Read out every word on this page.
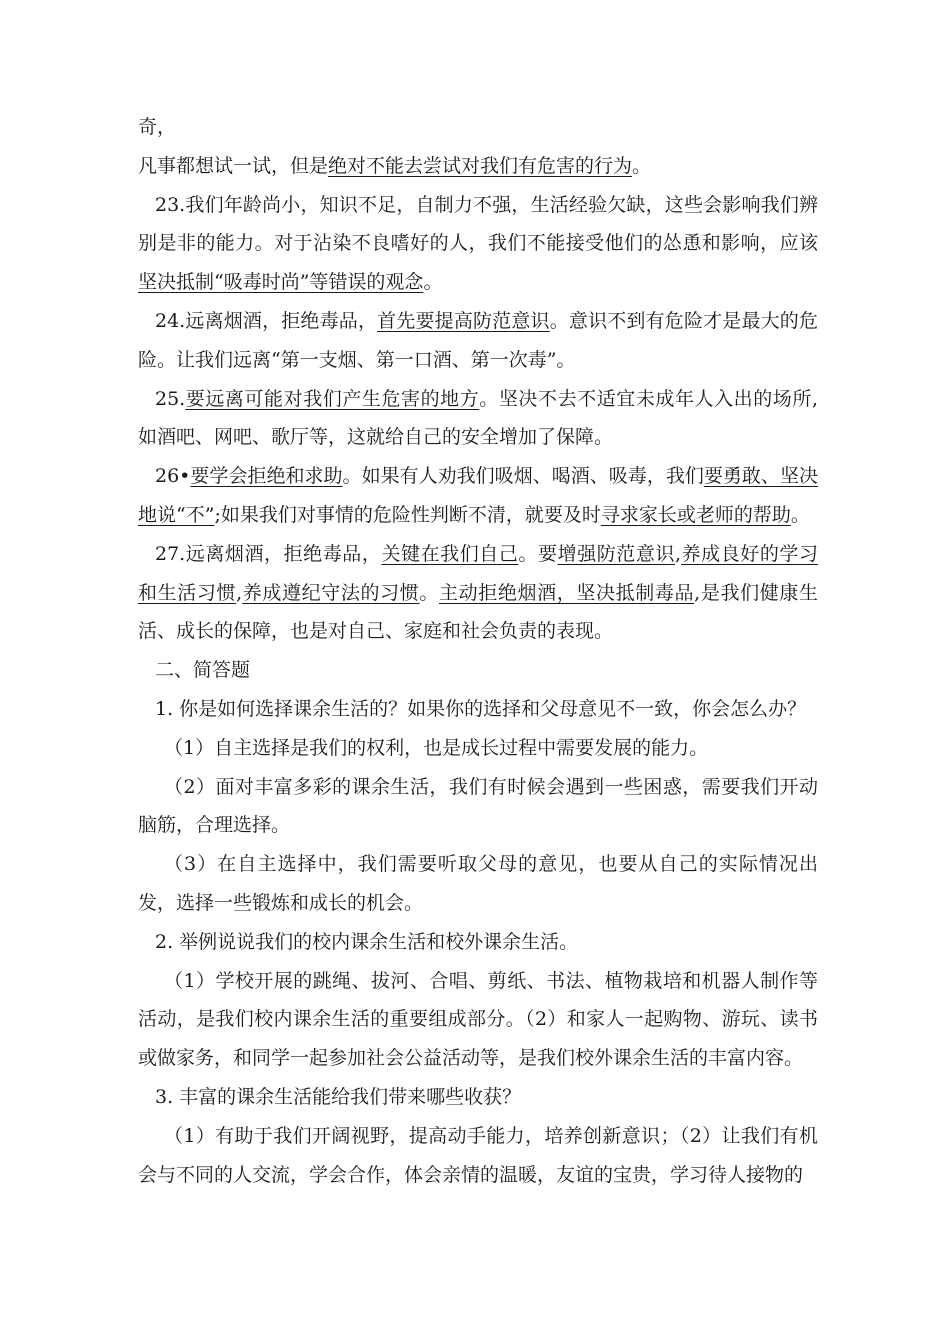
奇，

凡事都想试一试，但是绝对不能去尝试对我们有危害的行为。

23.我们年龄尚小，知识不足，自制力不强，生活经验欠缺，这些会影响我们辨别是非的能力。对于沾染不良嗜好的人，我们不能接受他们的怂恿和影响，应该坚决抵制“吸毒时尚”等错误的观念。

24.远离烟酒，拒绝毒品，首先要提高防范意识。意识不到有危险才是最大的危险。让我们远离“第一支烟、第一口酒、第一次毒”。

25.要远离可能对我们产生危害的地方。坚决不去不适宜未成年人入出的场所,如酒吧、网吧、歌厅等，这就给自己的安全增加了保障。

26•要学会拒绝和求助。如果有人劝我们吸烟、喝酒、吸毒，我们要勇敢、坚决地说“不”;如果我们对事情的危险性判断不清，就要及时寻求家长或老师的帮助。

27.远离烟酒，拒绝毒品，关键在我们自己。要增强防范意识,养成良好的学习和生活习惯,养成遵纪守法的习惯。主动拒绝烟酒，坚决抵制毒品,是我们健康生活、成长的保障，也是对自己、家庭和社会负责的表现。

二、简答题

1. 你是如何选择课余生活的？如果你的选择和父母意见不一致，你会怎么办？

（1）自主选择是我们的权利，也是成长过程中需要发展的能力。

（2）面对丰富多彩的课余生活，我们有时候会遇到一些困惑，需要我们开动脑筋，合理选择。

（3）在自主选择中，我们需要听取父母的意见，也要从自己的实际情况出发，选择一些锻炼和成长的机会。

2. 举例说说我们的校内课余生活和校外课余生活。

（1）学校开展的跳绳、拔河、合唱、剪纸、书法、植物栽培和机器人制作等活动，是我们校内课余生活的重要组成部分。（2）和家人一起购物、游玩、读书或做家务，和同学一起参加社会公益活动等，是我们校外课余生活的丰富内容。

3. 丰富的课余生活能给我们带来哪些收获？

（1）有助于我们开阔视野，提高动手能力，培养创新意识；（2）让我们有机会与不同的人交流，学会合作，体会亲情的温暖，友谊的宝贵，学习待人接物的
